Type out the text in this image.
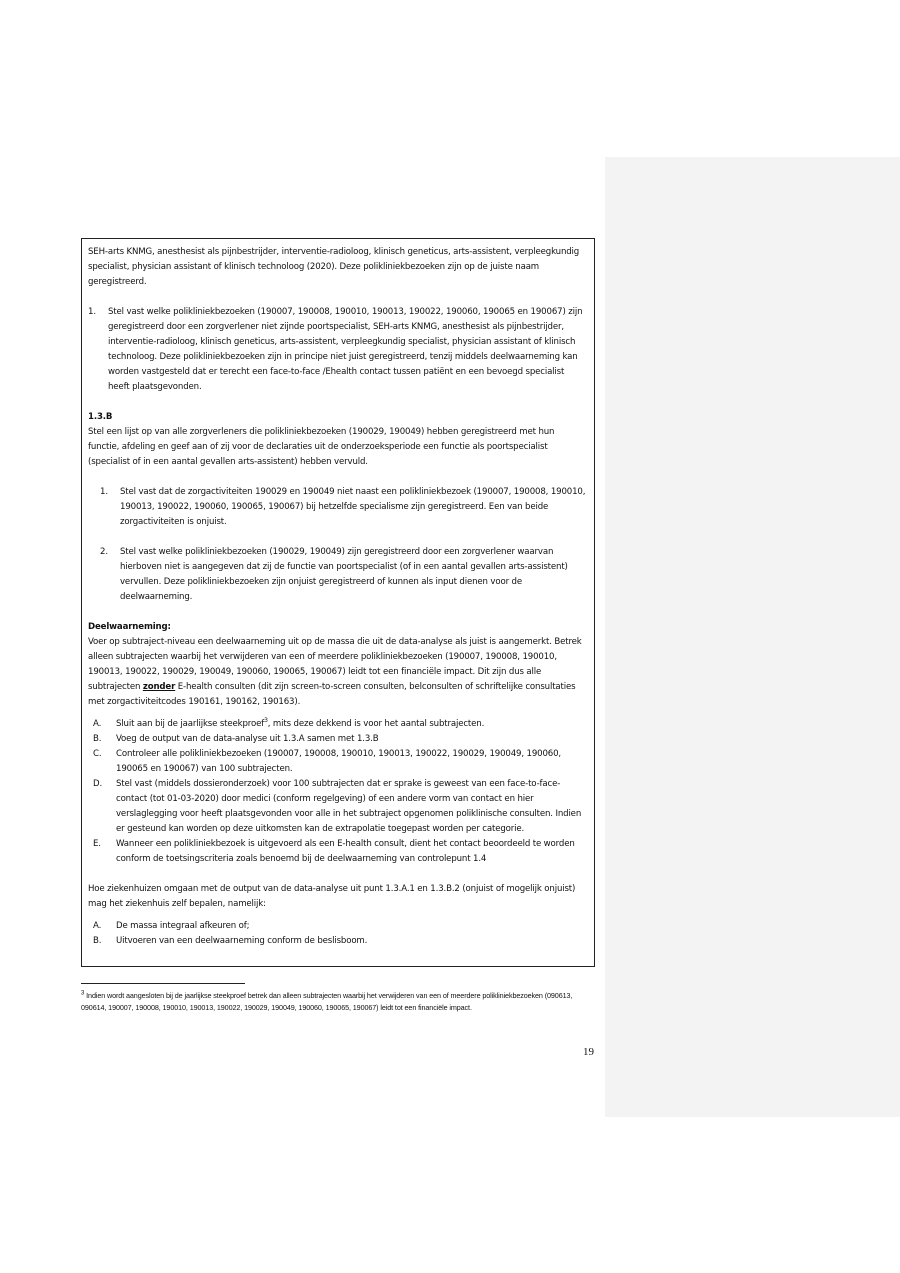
SEH-arts KNMG, anesthesist als pijnbestrijder, interventie-radioloog, klinisch geneticus, arts-assistent, verpleegkundig specialist, physician assistant of klinisch technoloog (2020). Deze polikliniekbezoeken zijn op de juiste naam geregistreerd.

1. Stel vast welke polikliniekbezoeken (190007, 190008, 190010, 190013, 190022, 190060, 190065 en 190067) zijn geregistreerd door een zorgverlener niet zijnde poortspecialist, SEH-arts KNMG, anesthesist als pijnbestrijder, interventie-radioloog, klinisch geneticus, arts-assistent, verpleegkundig specialist, physician assistant of klinisch technoloog. Deze polikliniekbezoeken zijn in principe niet juist geregistreerd, tenzij middels deelwaarneming kan worden vastgesteld dat er terecht een face-to-face /Ehealth contact tussen patiënt en een bevoegd specialist heeft plaatsgevonden.

1.3.B

Stel een lijst op van alle zorgverleners die polikliniekbezoeken (190029, 190049) hebben geregistreerd met hun functie, afdeling en geef aan of zij voor de declaraties uit de onderzoeksperiode een functie als poortspecialist (specialist of in een aantal gevallen arts-assistent) hebben vervuld.

1. Stel vast dat de zorgactiviteiten 190029 en 190049 niet naast een polikliniekbezoek (190007, 190008, 190010, 190013, 190022, 190060, 190065, 190067) bij hetzelfde specialisme zijn geregistreerd. Een van beide zorgactiviteiten is onjuist.
2. Stel vast welke polikliniekbezoeken (190029, 190049) zijn geregistreerd door een zorgverlener waarvan hierboven niet is aangegeven dat zij de functie van poortspecialist (of in een aantal gevallen arts-assistent) vervullen. Deze polikliniekbezoeken zijn onjuist geregistreerd of kunnen als input dienen voor de deelwaarneming.

Deelwaarneming:

Voer op subtraject-niveau een deelwaarneming uit op de massa die uit de data-analyse als juist is aangemerkt. Betrek alleen subtrajecten waarbij het verwijderen van een of meerdere polikliniekbezoeken (190007, 190008, 190010, 190013, 190022, 190029, 190049, 190060, 190065, 190067) leidt tot een financiële impact. Dit zijn dus alle subtrajecten zonder E-health consulten (dit zijn screen-to-screen consulten, belconsulten of schriftelijke consultaties met zorgactiviteitcodes 190161, 190162, 190163).

A. Sluit aan bij de jaarlijkse steekproef$^3$, mits deze dekkend is voor het aantal subtrajecten.
B. Voeg de output van de data-analyse uit 1.3.A samen met 1.3.B
C. Controleer alle polikliniekbezoeken (190007, 190008, 190010, 190013, 190022, 190029, 190049, 190060, 190065 en 190067) van 100 subtrajecten.
D. Stel vast (middels dossieronderzoek) voor 100 subtrajecten dat er sprake is geweest van een face-to-face-contact (tot 01-03-2020) door medici (conform regelgeving) of een andere vorm van contact en hier verslaglegging voor heeft plaatsgevonden voor alle in het subtraject opgenomen poliklinische consulten. Indien er gesteund kan worden op deze uitkomsten kan de extrapolatie toegepast worden per categorie.
E. Wanneer een polikliniekbezoek is uitgevoerd als een E-health consult, dient het contact beoordeeld te worden conform de toetsingscriteria zoals benoemd bij de deelwaarneming van controlepunt 1.4

Hoe ziekenhuizen omgaan met de output van de data-analyse uit punt 1.3.A.1 en 1.3.B.2 (onjuist of mogelijk onjuist) mag het ziekenhuis zelf bepalen, namelijk:

A. De massa integraal afkeuren of;
B. Uitvoeren van een deelwaarneming conform de beslisboom.
$^3$ Indien wordt aangesloten bij de jaarlijkse steekproef betrek dan alleen subtrajecten waarbij het verwijderen van een of meerdere polikliniekbezoeken (090613, 090614, 190007, 190008, 190010, 190013, 190022, 190029, 190049, 190060, 190065, 190067) leidt tot een financiële impact.
19
